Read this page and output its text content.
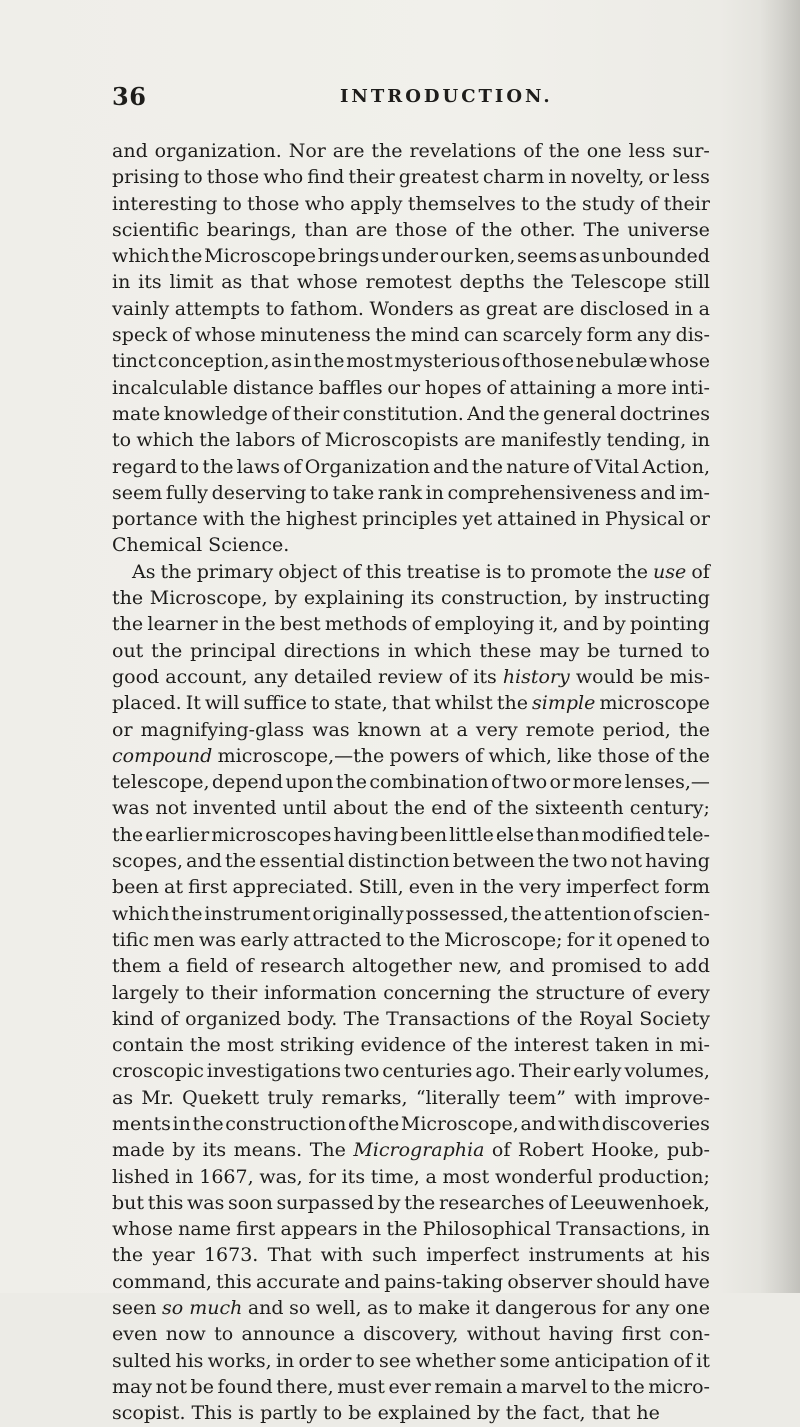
36	INTRODUCTION.
and organization. Nor are the revelations of the one less sur-
prising to those who find their greatest charm in novelty, or less
interesting to those who apply themselves to the study of their
scientific bearings, than are those of the other. The universe
which the Microscope brings under our ken, seems as unbounded
in its limit as that whose remotest depths the Telescope still
vainly attempts to fathom. Wonders as great are disclosed in a
speck of whose minuteness the mind can scarcely form any dis-
tinct conception, as in the most mysterious of those nebulæ whose
incalculable distance baffles our hopes of attaining a more inti-
mate knowledge of their constitution. And the general doctrines
to which the labors of Microscopists are manifestly tending, in
regard to the laws of Organization and the nature of Vital Action,
seem fully deserving to take rank in comprehensiveness and im-
portance with the highest principles yet attained in Physical or
Chemical Science.
As the primary object of this treatise is to promote the use of
the Microscope, by explaining its construction, by instructing
the learner in the best methods of employing it, and by pointing
out the principal directions in which these may be turned to
good account, any detailed review of its history would be mis-
placed. It will suffice to state, that whilst the simple microscope
or magnifying-glass was known at a very remote period, the
compound microscope,—the powers of which, like those of the
telescope, depend upon the combination of two or more lenses,—
was not invented until about the end of the sixteenth century;
the earlier microscopes having been little else than modified tele-
scopes, and the essential distinction between the two not having
been at first appreciated. Still, even in the very imperfect form
which the instrument originally possessed, the attention of scien-
tific men was early attracted to the Microscope; for it opened to
them a field of research altogether new, and promised to add
largely to their information concerning the structure of every
kind of organized body. The Transactions of the Royal Society
contain the most striking evidence of the interest taken in mi-
croscopic investigations two centuries ago. Their early volumes,
as Mr. Quekett truly remarks, “literally teem” with improve-
ments in the construction of the Microscope, and with discoveries
made by its means. The Micrographia of Robert Hooke, pub-
lished in 1667, was, for its time, a most wonderful production;
but this was soon surpassed by the researches of Leeuwenhoek,
whose name first appears in the Philosophical Transactions, in
the year 1673. That with such imperfect instruments at his
command, this accurate and pains-taking observer should have
seen so much and so well, as to make it dangerous for any one
even now to announce a discovery, without having first con-
sulted his works, in order to see whether some anticipation of it
may not be found there, must ever remain a marvel to the micro-
scopist. This is partly to be explained by the fact, that he
